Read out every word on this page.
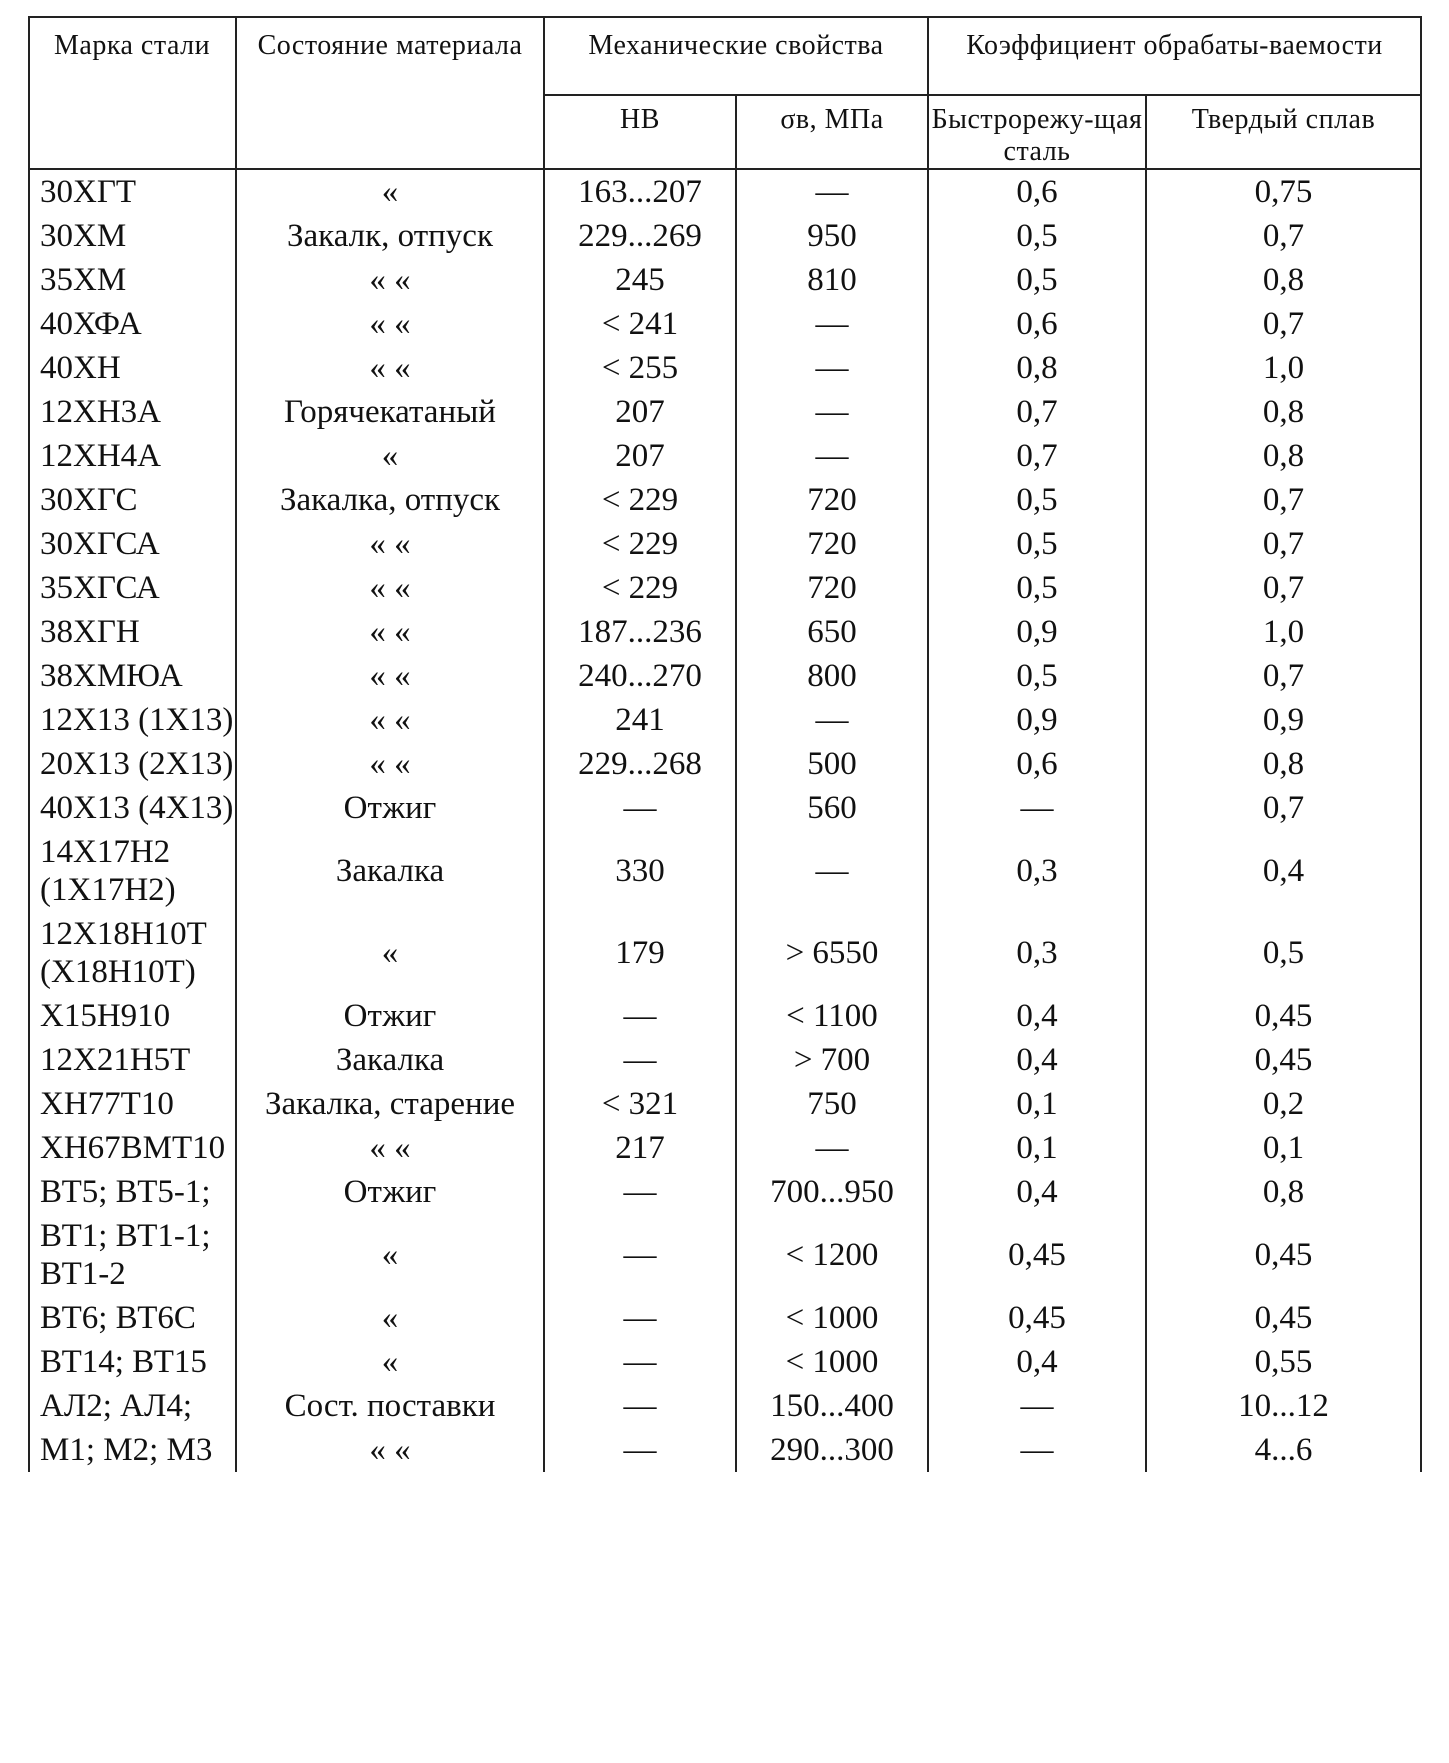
Марка стали	Состояние материала	Механические свойства		Коэффициент обрабаты-ваемости	
		HB	σв, МПа	Быстрорежу-щая сталь	Твердый сплав
30ХГТ	«	163...207	—	0,6	0,75
30ХМ	Закалк, отпуск	229...269	950	0,5	0,7
35ХМ	« «	245	810	0,5	0,8
40ХФА	« «	< 241	—	0,6	0,7
40ХН	« «	< 255	—	0,8	1,0
12ХН3А	Горячекатаный	207	—	0,7	0,8
12ХН4А	«	207	—	0,7	0,8
30ХГС	Закалка, отпуск	< 229	720	0,5	0,7
30ХГСА	« «	< 229	720	0,5	0,7
35ХГСА	« «	< 229	720	0,5	0,7
38ХГН	« «	187...236	650	0,9	1,0
38ХМЮА	« «	240...270	800	0,5	0,7
12Х13 (1Х13)	« «	241	—	0,9	0,9
20Х13 (2Х13)	« «	229...268	500	0,6	0,8
40Х13 (4Х13)	Отжиг	—	560	—	0,7
14Х17Н2 (1Х17Н2)	Закалка	330	—	0,3	0,4
12Х18Н10Т (Х18Н10Т)	«	179	> 6550	0,3	0,5
Х15Н910	Отжиг	—	< 1100	0,4	0,45
12Х21Н5Т	Закалка	—	> 700	0,4	0,45
ХН77Т10	Закалка, старение	< 321	750	0,1	0,2
ХН67ВМТ10	« «	217	—	0,1	0,1
ВТ5; ВТ5-1;	Отжиг	—	700...950	0,4	0,8
ВТ1; ВТ1-1; ВТ1-2	«	—	< 1200	0,45	0,45
ВТ6; ВТ6С	«	—	< 1000	0,45	0,45
ВТ14; ВТ15	«	—	< 1000	0,4	0,55
АЛ2; АЛ4;	Сост. поставки	—	150...400	—	10...12
М1; М2; М3	« «	—	290...300	—	4...6
